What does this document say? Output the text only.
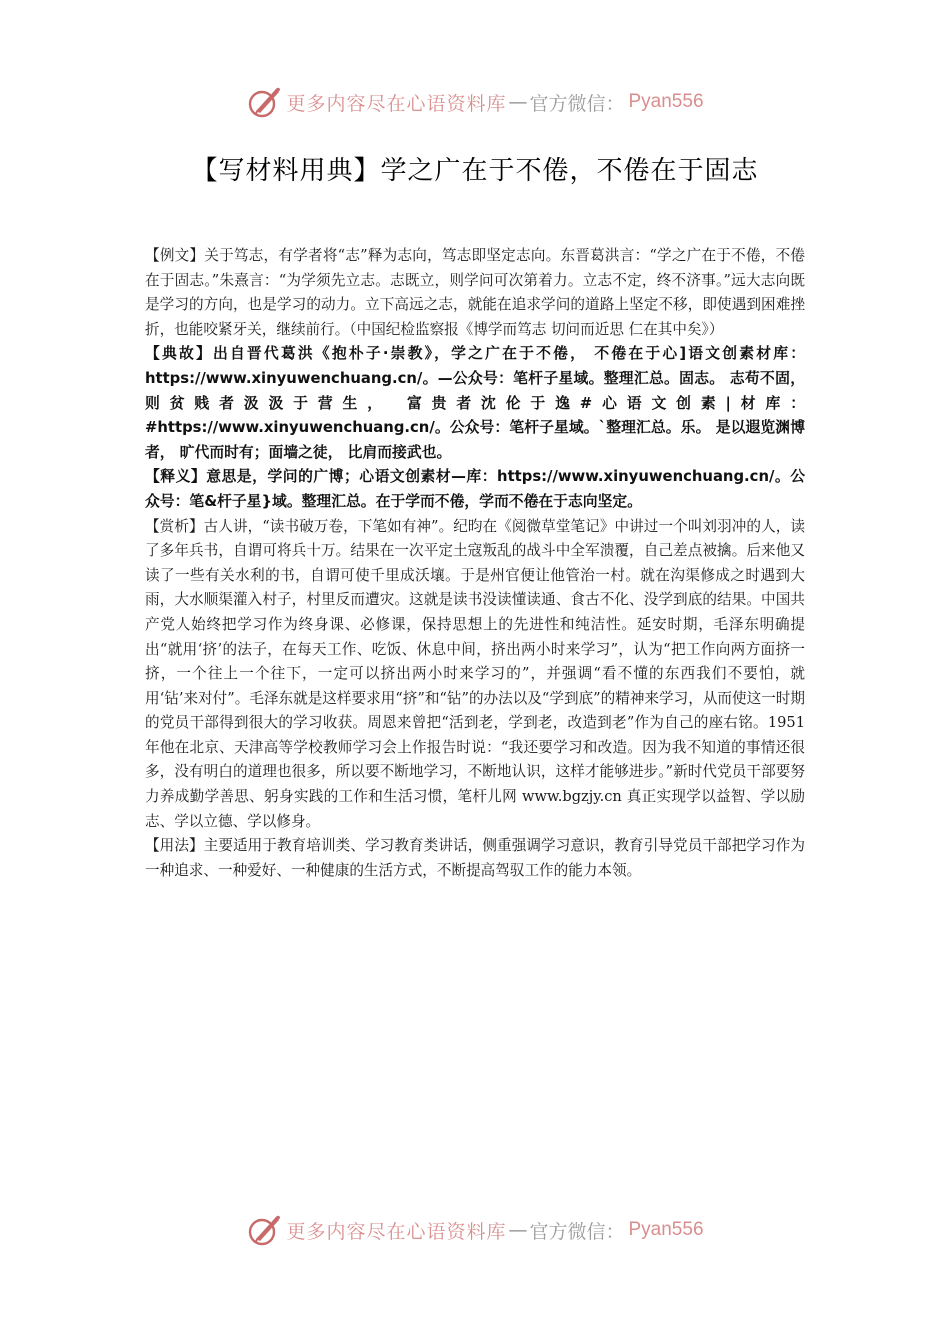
更多内容尽在心语资料库 — 官方微信： Pyan556
【写材料用典】学之广在于不倦，不倦在于固志

【例文】关于笃志，有学者将“志”释为志向，笃志即坚定志向。东晋葛洪言：“学之广在于不倦，不倦在于固志。”朱熹言：“为学须先立志。志既立，则学问可次第着力。立志不定，终不济事。”远大志向既是学习的方向，也是学习的动力。立下高远之志，就能在追求学问的道路上坚定不移，即使遇到困难挫折，也能咬紧牙关，继续前行。（中国纪检监察报《博学而笃志 切问而近思 仁在其中矣》）

【典故】出自晋代葛洪《抱朴子·崇教》，学之广在于不倦， 不倦在于心]语文创素材库：https://www.xinyuwenchuang.cn/。—公众号：笔杆子星域。整理汇总。固志。 志苟不固， 则贫贱者汲汲于营生， 富贵者沈伦于逸#心语文创素|材库：#https://www.xinyuwenchuang.cn/。公众号：笔杆子星域。`整理汇总。乐。 是以遐览渊博者， 旷代而时有；面墙之徒， 比肩而接武也。

【释义】意思是，学问的广博；心语文创素材—库：https://www.xinyuwenchuang.cn/。公众号：笔&杆子星}域。整理汇总。在于学而不倦，学而不倦在于志向坚定。

【赏析】古人讲，“读书破万卷，下笔如有神”。纪昀在《阅微草堂笔记》中讲过一个叫刘羽冲的人，读了多年兵书，自谓可将兵十万。结果在一次平定土寇叛乱的战斗中全军溃覆，自己差点被擒。后来他又读了一些有关水利的书，自谓可使千里成沃壤。于是州官便让他管治一村。就在沟渠修成之时遇到大雨，大水顺渠灌入村子，村里反而遭灾。这就是读书没读懂读通、食古不化、没学到底的结果。中国共产党人始终把学习作为终身课、必修课，保持思想上的先进性和纯洁性。延安时期，毛泽东明确提出“就用‘挤’的法子，在每天工作、吃饭、休息中间，挤出两小时来学习”，认为“把工作向两方面挤一挤，一个往上一个往下，一定可以挤出两小时来学习的”，并强调“看不懂的东西我们不要怕，就用‘钻’来对付”。毛泽东就是这样要求用“挤”和“钻”的办法以及“学到底”的精神来学习，从而使这一时期的党员干部得到很大的学习收获。周恩来曾把“活到老，学到老，改造到老”作为自己的座右铭。1951年他在北京、天津高等学校教师学习会上作报告时说：“我还要学习和改造。因为我不知道的事情还很多，没有明白的道理也很多，所以要不断地学习，不断地认识，这样才能够进步。”新时代党员干部要努力养成勤学善思、躬身实践的工作和生活习惯，笔杆儿网 www.bgzjy.cn 真正实现学以益智、学以励志、学以立德、学以修身。

【用法】主要适用于教育培训类、学习教育类讲话，侧重强调学习意识，教育引导党员干部把学习作为一种追求、一种爱好、一种健康的生活方式，不断提高驾驭工作的能力本领。

更多内容尽在心语资料库 — 官方微信： Pyan556
